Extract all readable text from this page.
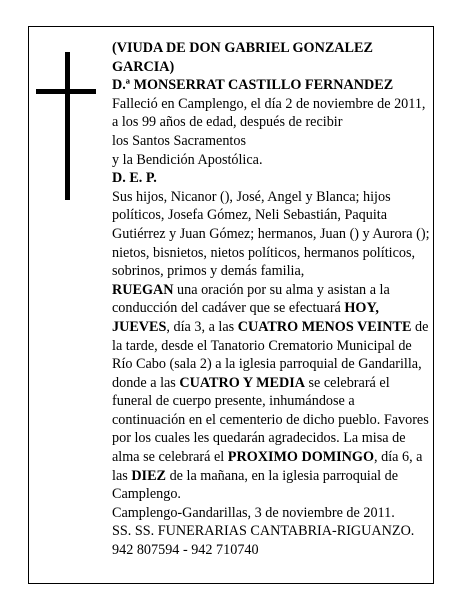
(VIUDA DE DON GABRIEL GONZALEZ
GARCIA)
D.ª MONSERRAT CASTILLO FERNANDEZ
Falleció en Camplengo, el día 2 de noviembre de 2011,
a los 99 años de edad, después de recibir
los Santos Sacramentos
y la Bendición Apostólica.
D. E. P.
Sus hijos, Nicanor (), José, Angel y Blanca; hijos
políticos, Josefa Gómez, Neli Sebastián, Paquita
Gutiérrez y Juan Gómez; hermanos, Juan () y Aurora ();
nietos, bisnietos, nietos políticos, hermanos políticos,
sobrinos, primos y demás familia,
RUEGAN una oración por su alma y asistan a la
conducción del cadáver que se efectuará HOY,
JUEVES, día 3, a las CUATRO MENOS VEINTE de
la tarde, desde el Tanatorio Crematorio Municipal de
Río Cabo (sala 2) a la iglesia parroquial de Gandarilla,
donde a las CUATRO Y MEDIA se celebrará el
funeral de cuerpo presente, inhumándose a
continuación en el cementerio de dicho pueblo. Favores
por los cuales les quedarán agradecidos. La misa de
alma se celebrará el PROXIMO DOMINGO, día 6, a
las DIEZ de la mañana, en la iglesia parroquial de
Camplengo.
Camplengo-Gandarillas, 3 de noviembre de 2011.
SS. SS. FUNERARIAS CANTABRIA-RIGUANZO.
942 807594 - 942 710740
